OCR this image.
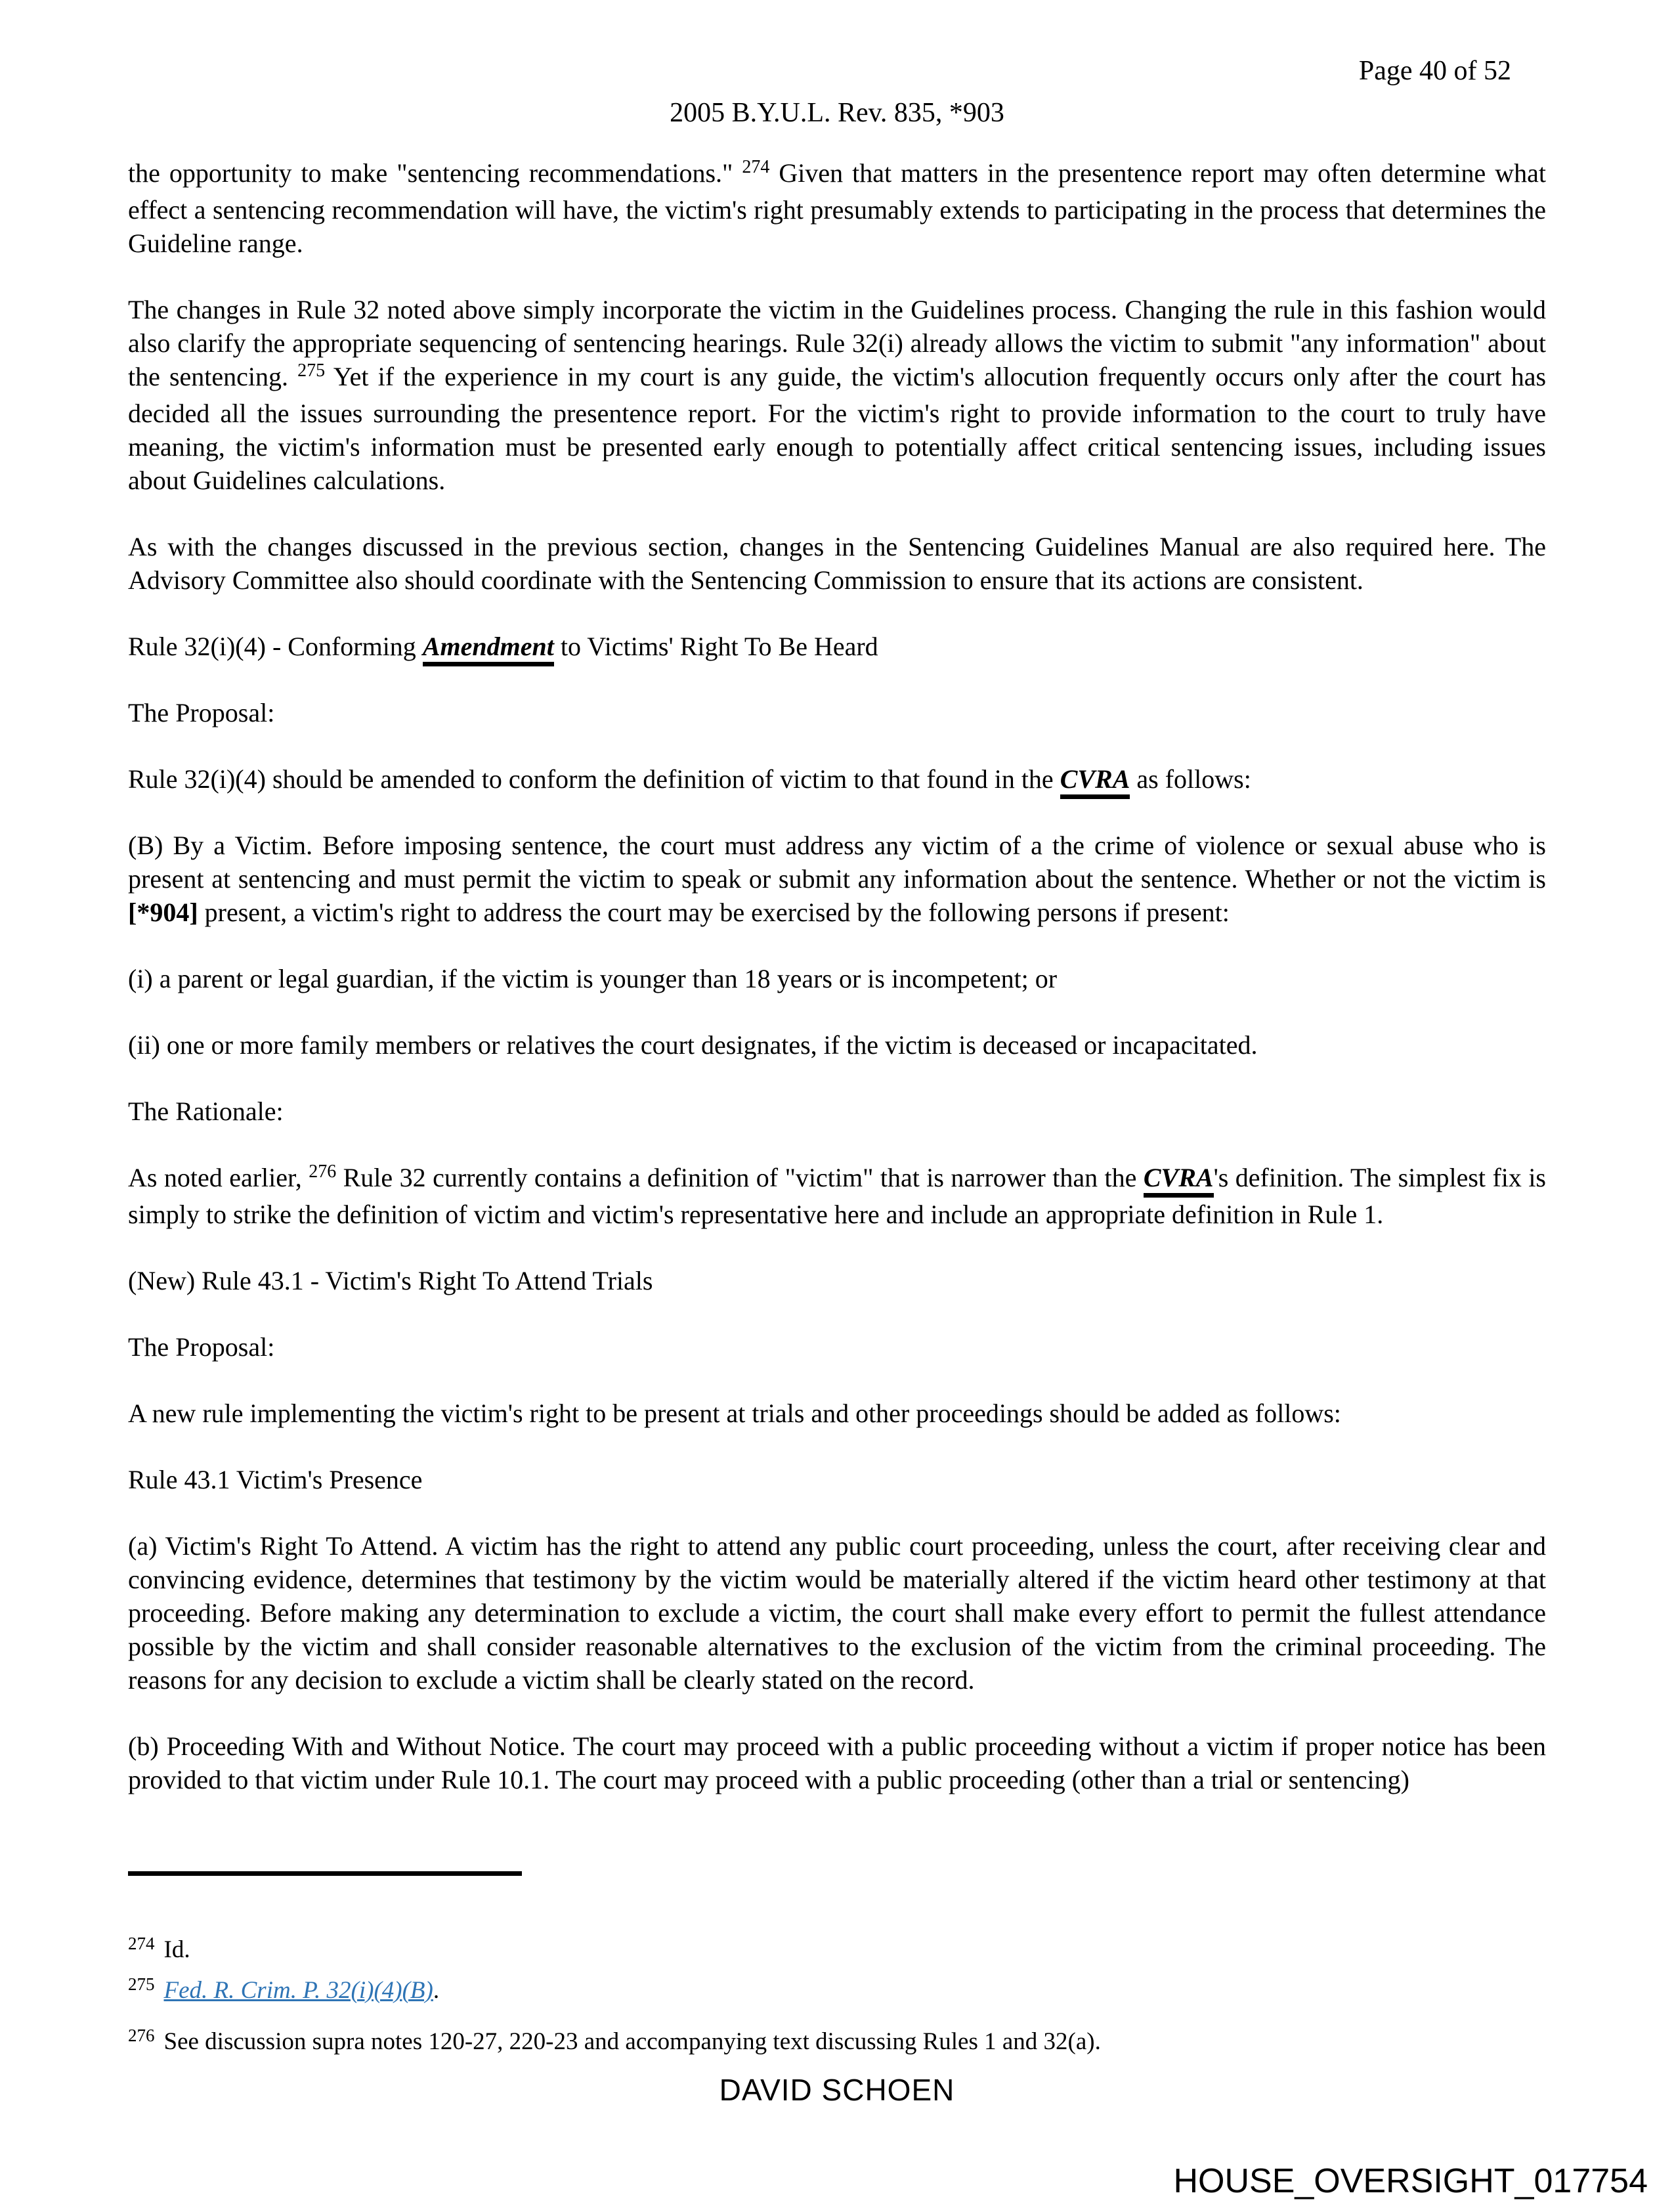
Page 40 of 52
2005 B.Y.U.L. Rev. 835, *903

the opportunity to make "sentencing recommendations." $^{274}$ Given that matters in the presentence report may often determine what effect a sentencing recommendation will have, the victim's right presumably extends to participating in the process that determines the Guideline range.

The changes in Rule 32 noted above simply incorporate the victim in the Guidelines process. Changing the rule in this fashion would also clarify the appropriate sequencing of sentencing hearings. Rule 32(i) already allows the victim to submit "any information" about the sentencing. $^{275}$ Yet if the experience in my court is any guide, the victim's allocution frequently occurs only after the court has decided all the issues surrounding the presentence report. For the victim's right to provide information to the court to truly have meaning, the victim's information must be presented early enough to potentially affect critical sentencing issues, including issues about Guidelines calculations.

As with the changes discussed in the previous section, changes in the Sentencing Guidelines Manual are also required here. The Advisory Committee also should coordinate with the Sentencing Commission to ensure that its actions are consistent.

Rule 32(i)(4) - Conforming Amendment to Victims' Right To Be Heard

The Proposal:

Rule 32(i)(4) should be amended to conform the definition of victim to that found in the CVRA as follows:

(B) By a Victim. Before imposing sentence, the court must address any victim of a the crime of violence or sexual abuse who is present at sentencing and must permit the victim to speak or submit any information about the sentence. Whether or not the victim is [*904] present, a victim's right to address the court may be exercised by the following persons if present:

(i) a parent or legal guardian, if the victim is younger than 18 years or is incompetent; or

(ii) one or more family members or relatives the court designates, if the victim is deceased or incapacitated.

The Rationale:

As noted earlier, $^{276}$ Rule 32 currently contains a definition of "victim" that is narrower than the CVRA's definition. The simplest fix is simply to strike the definition of victim and victim's representative here and include an appropriate definition in Rule 1.

(New) Rule 43.1 - Victim's Right To Attend Trials

The Proposal:

A new rule implementing the victim's right to be present at trials and other proceedings should be added as follows:

Rule 43.1 Victim's Presence

(a) Victim's Right To Attend. A victim has the right to attend any public court proceeding, unless the court, after receiving clear and convincing evidence, determines that testimony by the victim would be materially altered if the victim heard other testimony at that proceeding. Before making any determination to exclude a victim, the court shall make every effort to permit the fullest attendance possible by the victim and shall consider reasonable alternatives to the exclusion of the victim from the criminal proceeding. The reasons for any decision to exclude a victim shall be clearly stated on the record.

(b) Proceeding With and Without Notice. The court may proceed with a public proceeding without a victim if proper notice has been provided to that victim under Rule 10.1. The court may proceed with a public proceeding (other than a trial or sentencing)

$^{274}$ Id.
$^{275}$ Fed. R. Crim. P. 32(i)(4)(B).
$^{276}$ See discussion supra notes 120-27, 220-23 and accompanying text discussing Rules 1 and 32(a).
DAVID SCHOEN
HOUSE_OVERSIGHT_017754
